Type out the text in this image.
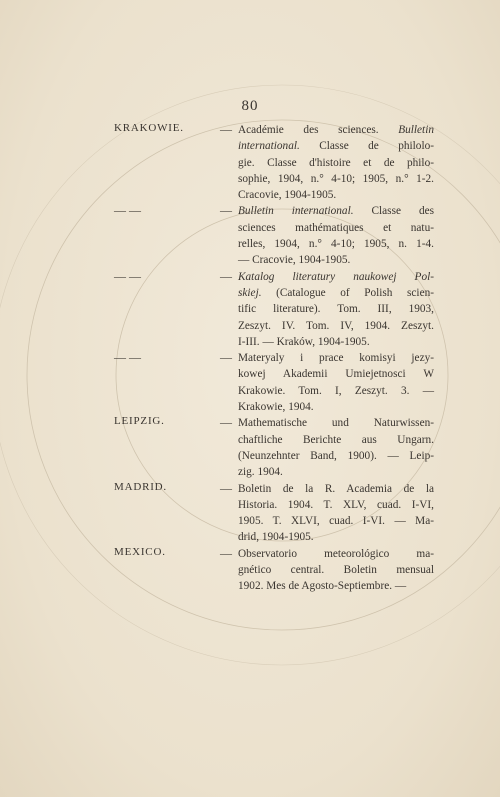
80
KRAKOWIE.	— Académie des sciences. Bulletin
international. Classe de philolo-
gie. Classe d'histoire et de philo-
sophie, 1904, n.° 4-10; 1905, n.° 1-2.
Cracovie, 1904-1905.
— —	— Bulletin international. Classe des
sciences mathématiques et natu-
relles, 1904, n.° 4-10; 1905, n. 1-4.
— Cracovie, 1904-1905.
— —	— Katalog literatury naukowej Pol-
skiej. (Catalogue of Polish scien-
tific literature). Tom. III, 1903,
Zeszyt. IV. Tom. IV, 1904. Zeszyt.
I-III. — Kraków, 1904-1905.
— —	— Materyaly i prace komisyi jezy-
kowej Akademii Umiejetnosci W
Krakowie. Tom. I, Zeszyt. 3. —
Krakowie, 1904.
LEIPZIG.	— Mathematische und Naturwissen-
chaftliche Berichte aus Ungarn.
(Neunzehnter Band, 1900). — Leip-
zig. 1904.
MADRID.	— Boletin de la R. Academia de la
Historia. 1904. T. XLV, cuad. I-VI,
1905. T. XLVI, cuad. I-VI. — Ma-
drid, 1904-1905.
MEXICO.	— Observatorio meteorológico ma-
gnético central. Boletin mensual
1902. Mes de Agosto-Septiembre. —
